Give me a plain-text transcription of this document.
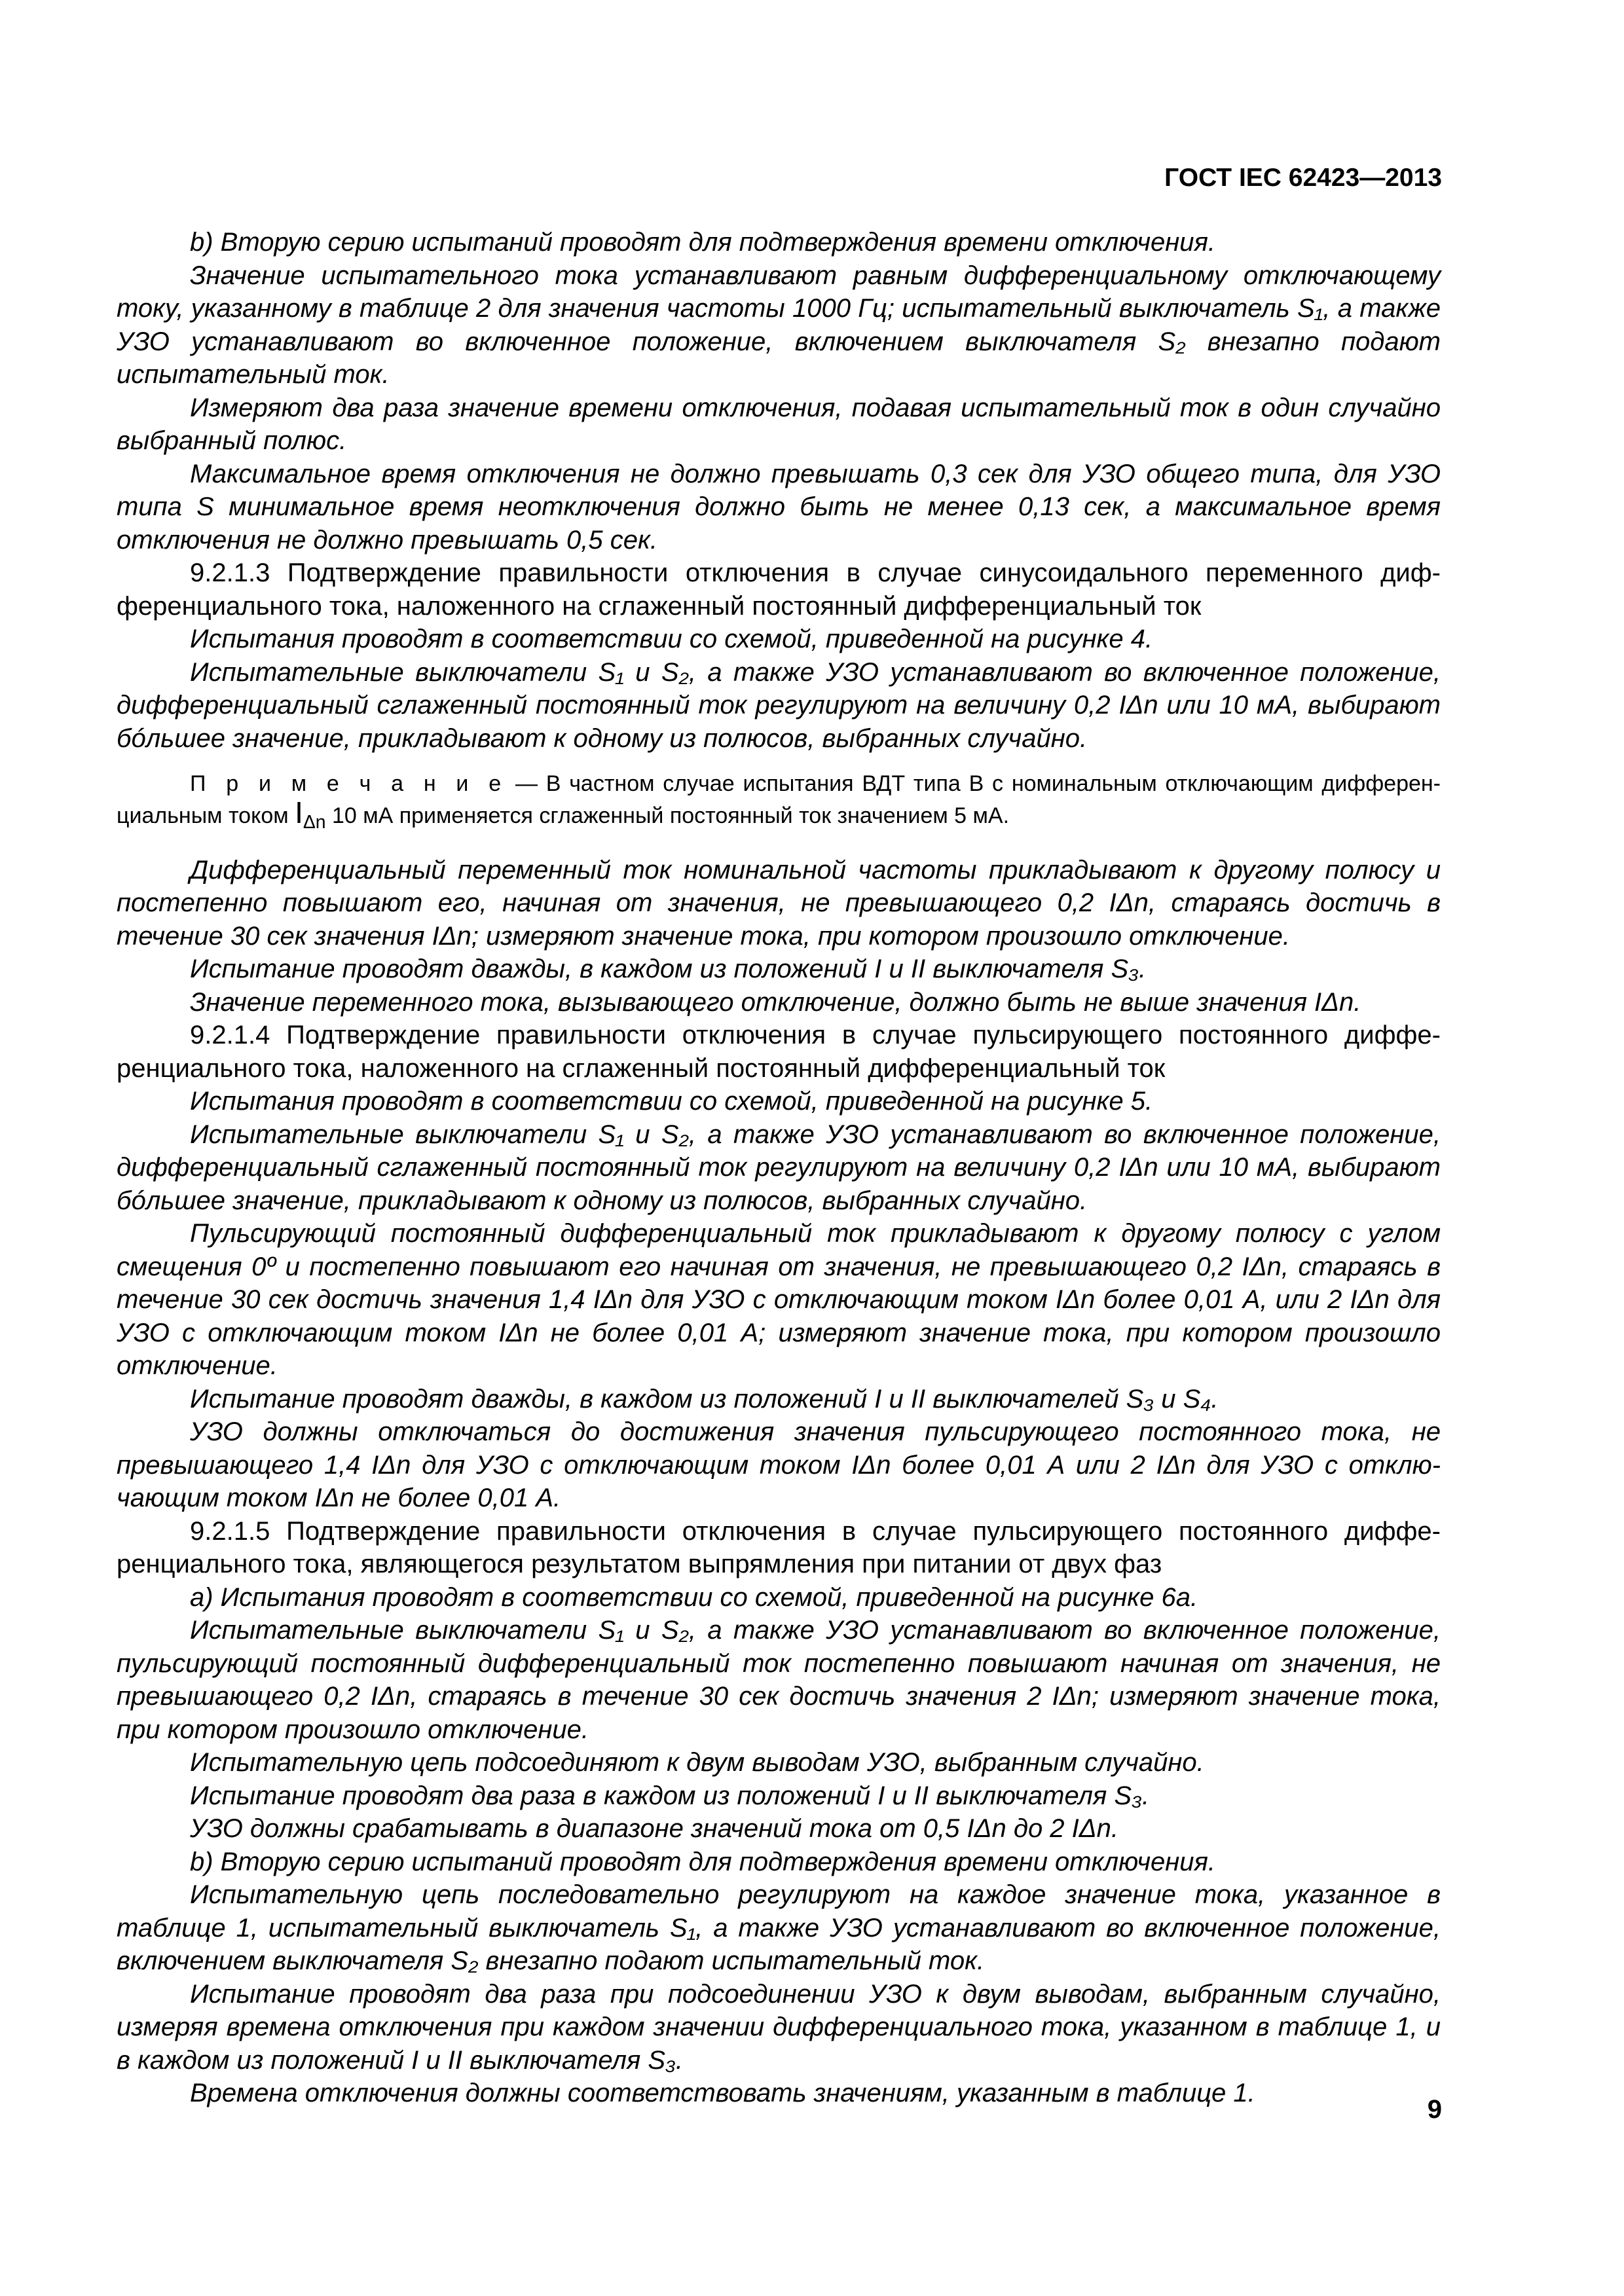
ГОСТ IEC 62423—2013

b) Вторую серию испытаний проводят для подтверждения времени отключения.

Значение испытательного тока устанавливают равным дифференциальному отключающему току, указанному в таблице 2 для значения частоты 1000 Гц; испытательный выключатель S₁, а также УЗО устанавливают во включенное положение, включением выключателя S₂ внезапно подают испытательный ток.

Измеряют два раза значение времени отключения, подавая испытательный ток в один случайно выбранный полюс.

Максимальное время отключения не должно превышать 0,3 сек для УЗО общего типа, для УЗО типа S минимальное время неотключения должно быть не менее 0,13 сек, а максимальное время отключения не должно превышать 0,5 сек.

9.2.1.3 Подтверждение правильности отключения в случае синусоидального переменного дифференциального тока, наложенного на сглаженный постоянный дифференциальный ток

Испытания проводят в соответствии со схемой, приведенной на рисунке 4.

Испытательные выключатели S₁ и S₂, а также УЗО устанавливают во включенное положение, дифференциальный сглаженный постоянный ток регулируют на величину 0,2 IΔn или 10 мА, выбирают бóльшее значение, прикладывают к одному из полюсов, выбранных случайно.

П р и м е ч а н и е — В частном случае испытания ВДТ типа B с номинальным отключающим дифференциальным током $I_{\Delta n}$ 10 мА применяется сглаженный постоянный ток значением 5 мА.

Дифференциальный переменный ток номинальной частоты прикладывают к другому полюсу и постепенно повышают его, начиная от значения, не превышающего 0,2 IΔn, стараясь достичь в течение 30 сек значения IΔn; измеряют значение тока, при котором произошло отключение.

Испытание проводят дважды, в каждом из положений I и II выключателя S₃.

Значение переменного тока, вызывающего отключение, должно быть не выше значения IΔn.

9.2.1.4 Подтверждение правильности отключения в случае пульсирующего постоянного дифференциального тока, наложенного на сглаженный постоянный дифференциальный ток

Испытания проводят в соответствии со схемой, приведенной на рисунке 5.

Испытательные выключатели S₁ и S₂, а также УЗО устанавливают во включенное положение, дифференциальный сглаженный постоянный ток регулируют на величину 0,2 IΔn или 10 мА, выбирают бóльшее значение, прикладывают к одному из полюсов, выбранных случайно.

Пульсирующий постоянный дифференциальный ток прикладывают к другому полюсу с углом смещения 0º и постепенно повышают его начиная от значения, не превышающего 0,2 IΔn, стараясь в течение 30 сек достичь значения 1,4 IΔn для УЗО с отключающим током IΔn более 0,01 А, или 2 IΔn для УЗО с отключающим током IΔn не более 0,01 А; измеряют значение тока, при котором произошло отключение.

Испытание проводят дважды, в каждом из положений I и II выключателей S₃ и S₄.

УЗО должны отключаться до достижения значения пульсирующего постоянного тока, не превышающего 1,4 IΔn для УЗО с отключающим током IΔn более 0,01 А или 2 IΔn для УЗО с отключающим током IΔn не более 0,01 А.

9.2.1.5 Подтверждение правильности отключения в случае пульсирующего постоянного дифференциального тока, являющегося результатом выпрямления при питании от двух фаз

а) Испытания проводят в соответствии со схемой, приведенной на рисунке 6а.

Испытательные выключатели S₁ и S₂, а также УЗО устанавливают во включенное положение, пульсирующий постоянный дифференциальный ток постепенно повышают начиная от значения, не превышающего 0,2 IΔn, стараясь в течение 30 сек достичь значения 2 IΔn; измеряют значение тока, при котором произошло отключение.

Испытательную цепь подсоединяют к двум выводам УЗО, выбранным случайно.

Испытание проводят два раза в каждом из положений I и II выключателя S₃.

УЗО должны срабатывать в диапазоне значений тока от 0,5 IΔn до 2 IΔn.

b) Вторую серию испытаний проводят для подтверждения времени отключения.

Испытательную цепь последовательно регулируют на каждое значение тока, указанное в таблице 1, испытательный выключатель S₁, а также УЗО устанавливают во включенное положение, включением выключателя S₂ внезапно подают испытательный ток.

Испытание проводят два раза при подсоединении УЗО к двум выводам, выбранным случайно, измеряя времена отключения при каждом значении дифференциального тока, указанном в таблице 1, и в каждом из положений I и II выключателя S₃.

Времена отключения должны соответствовать значениям, указанным в таблице 1.

9
